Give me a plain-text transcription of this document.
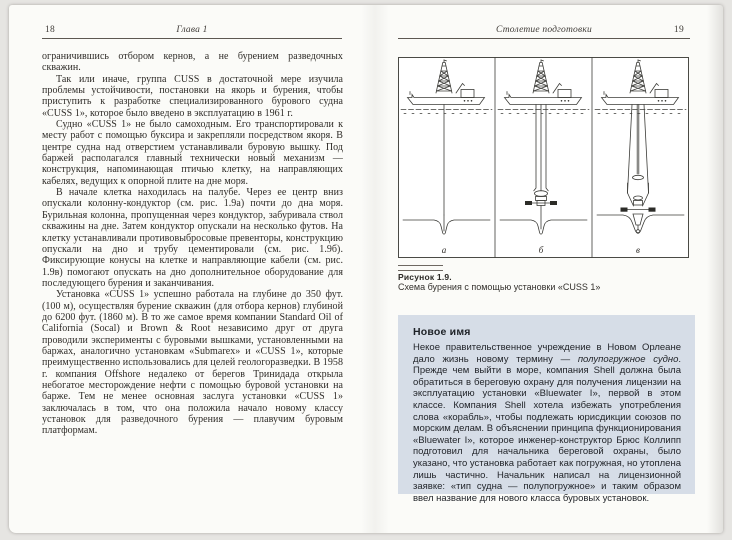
18	Глава 1

ограничившись отбором кернов, а не бурением разведочных скважин.

Так или иначе, группа CUSS в достаточной мере изучила проблемы устойчивости, постановки на якорь и бурения, чтобы приступить к разработке специализированного бурового судна «CUSS 1», которое было введено в эксплуатацию в 1961 г.

Судно «CUSS 1» не было самоходным. Его транспортировали к месту работ с помощью буксира и закрепляли посредством якоря. В центре судна над отверстием устанавливали буровую вышку. Под баржей располагался главный технически новый механизм — конструкция, напоминающая птичью клетку, на направляющих кабелях, ведущих к опорной плите на дне моря.

В начале клетка находилась на палубе. Через ее центр вниз опускали колонну-кондуктор (см. рис. 1.9а) почти до дна моря. Бурильная колонна, пропущенная через кондуктор, забуривала ствол скважины на дне. Затем кондуктор опускали на несколько футов. На клетку устанавливали противовыбросовые превенторы, конструкцию опускали на дно и трубу цементировали (см. рис. 1.9б). Фиксирующие конусы на клетке и направляющие кабели (см. рис. 1.9в) помогают опускать на дно дополнительное оборудование для последующего бурения и заканчивания.

Установка «CUSS 1» успешно работала на глубине до 350 фут. (100 м), осуществляя бурение скважин (для отбора кернов) глубиной до 6200 фут. (1860 м). В то же самое время компании Standard Oil of California (Socal) и Brown & Root независимо друг от друга проводили эксперименты с буровыми вышками, установленными на баржах, аналогично установкам «Submarex» и «CUSS 1», которые преимущественно использовались для целей геологоразведки. В 1958 г. компания Offshore недалеко от берегов Тринидада открыла небогатое месторождение нефти с помощью буровой установки на барже. Тем не менее основная заслуга установки «CUSS 1» заключалась в том, что она положила начало новому классу установок для разведочного бурения — плавучим буровым платформам.

Столетие подготовки	19
а	б	в
Рисунок 1.9.
Схема бурения с помощью установки «CUSS 1»
Новое имя
Некое правительственное учреждение в Новом Орлеане дало жизнь новому термину — полупогружное судно. Прежде чем выйти в море, компания Shell должна была обратиться в береговую охрану для получения лицензии на эксплуатацию установки «Bluewater I», первой в этом классе. Компания Shell хотела избежать употребления слова «корабль», чтобы подлежать юрисдикции союзов по морским делам. В объяснении принципа функционирования «Bluewater I», которое инженер-конструктор Брюс Коллипп подготовил для начальника береговой охраны, было указано, что установка работает как погружная, но утоплена лишь частично. Начальник написал на лицензионной заявке: «тип судна — полупогружное» и таким образом ввел название для нового класса буровых установок.
